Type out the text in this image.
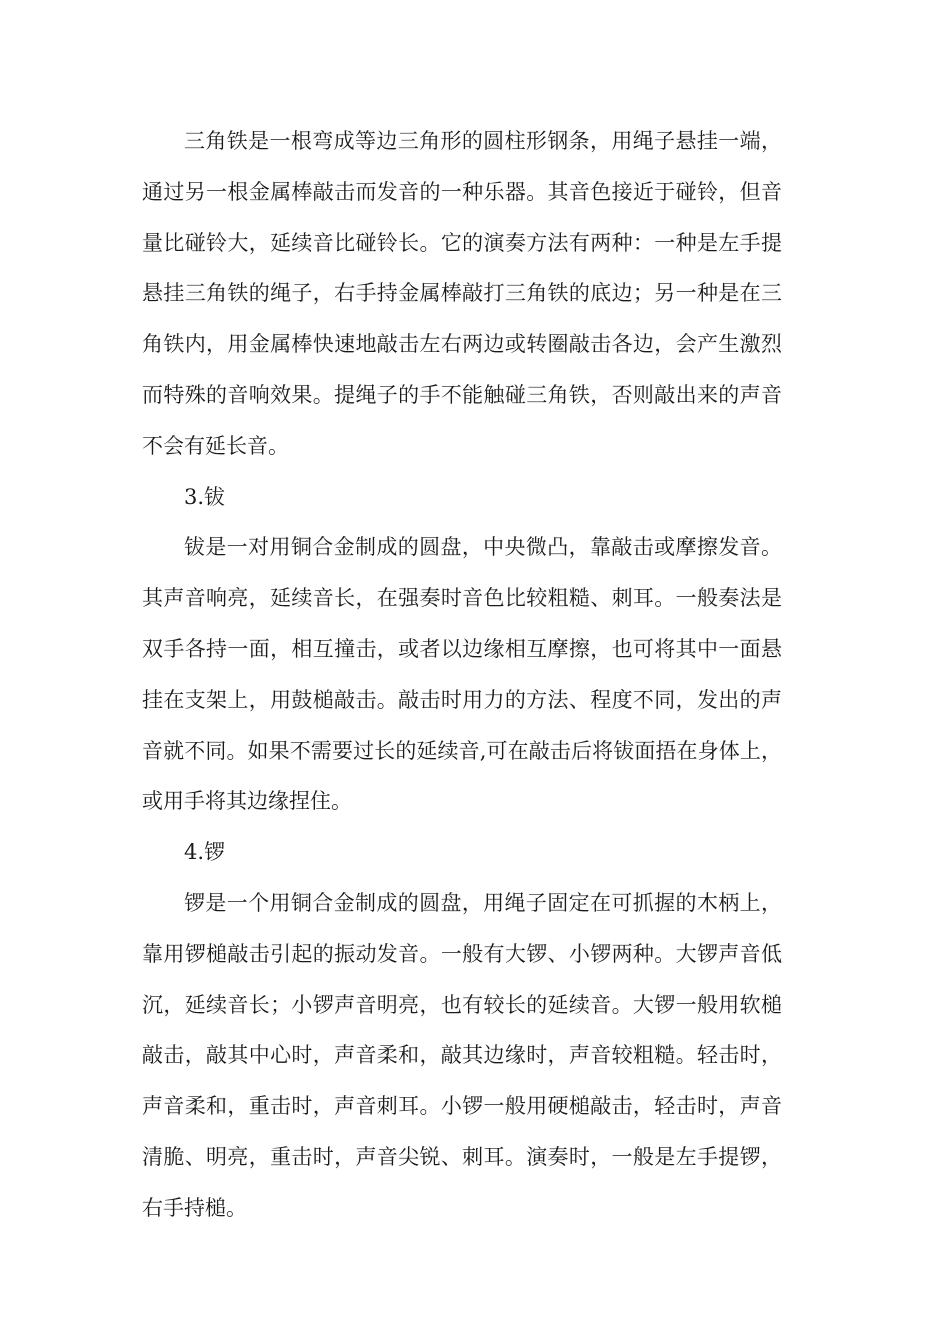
三角铁是一根弯成等边三角形的圆柱形钢条，用绳子悬挂一端，通过另一根金属棒敲击而发音的一种乐器。其音色接近于碰铃，但音量比碰铃大，延续音比碰铃长。它的演奏方法有两种：一种是左手提悬挂三角铁的绳子，右手持金属棒敲打三角铁的底边；另一种是在三角铁内，用金属棒快速地敲击左右两边或转圈敲击各边，会产生激烈而特殊的音响效果。提绳子的手不能触碰三角铁，否则敲出来的声音不会有延长音。

3.钹

钹是一对用铜合金制成的圆盘，中央微凸，靠敲击或摩擦发音。其声音响亮，延续音长，在强奏时音色比较粗糙、刺耳。一般奏法是双手各持一面，相互撞击，或者以边缘相互摩擦，也可将其中一面悬挂在支架上，用鼓槌敲击。敲击时用力的方法、程度不同，发出的声音就不同。如果不需要过长的延续音,可在敲击后将钹面捂在身体上，或用手将其边缘捏住。

4.锣

锣是一个用铜合金制成的圆盘，用绳子固定在可抓握的木柄上，靠用锣槌敲击引起的振动发音。一般有大锣、小锣两种。大锣声音低沉，延续音长；小锣声音明亮，也有较长的延续音。大锣一般用软槌敲击，敲其中心时，声音柔和，敲其边缘时，声音较粗糙。轻击时，声音柔和，重击时，声音刺耳。小锣一般用硬槌敲击，轻击时，声音清脆、明亮，重击时，声音尖锐、刺耳。演奏时，一般是左手提锣，右手持槌。
